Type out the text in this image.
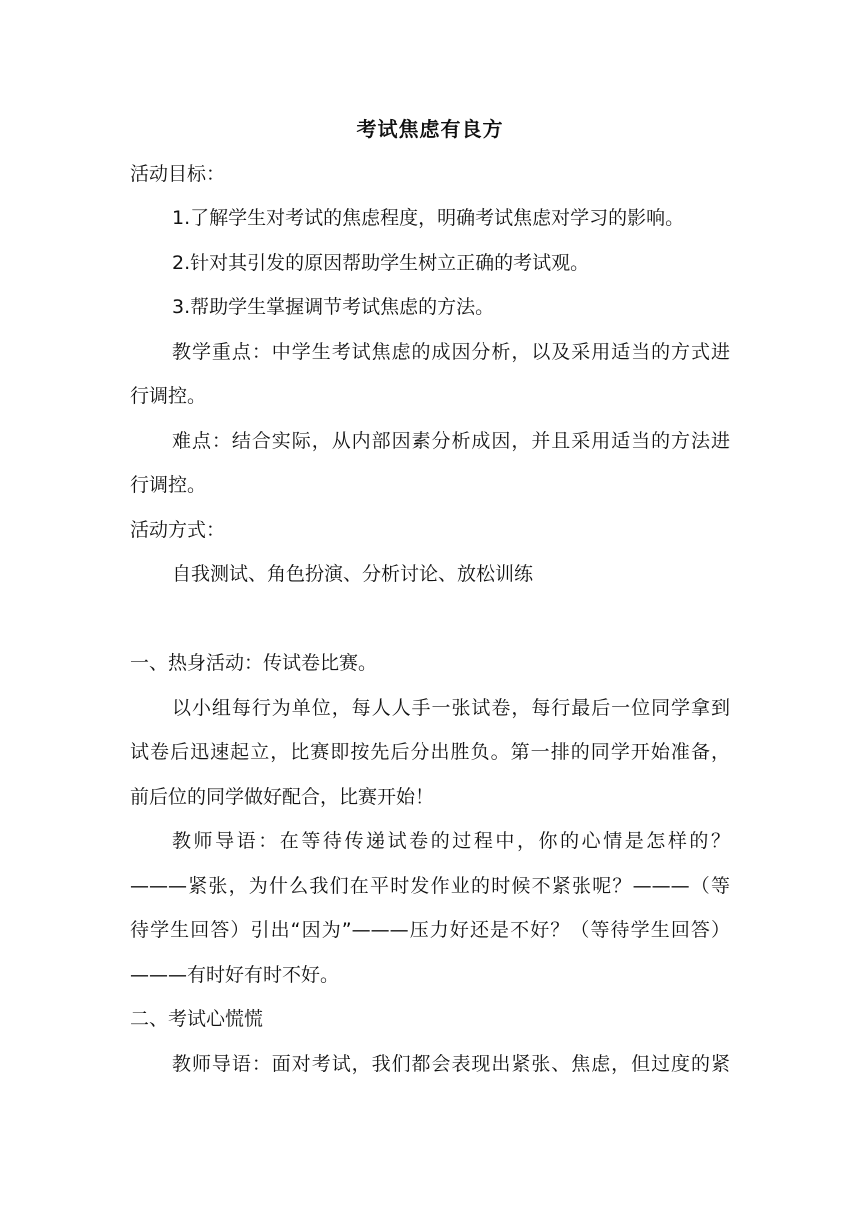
考试焦虑有良方
活动目标：
1.了解学生对考试的焦虑程度，明确考试焦虑对学习的影响。
2.针对其引发的原因帮助学生树立正确的考试观。
3.帮助学生掌握调节考试焦虑的方法。
教学重点：中学生考试焦虑的成因分析，以及采用适当的方式进
行调控。
难点：结合实际，从内部因素分析成因，并且采用适当的方法进
行调控。
活动方式：
自我测试、角色扮演、分析讨论、放松训练
一、热身活动：传试卷比赛。
以小组每行为单位，每人人手一张试卷，每行最后一位同学拿到
试卷后迅速起立，比赛即按先后分出胜负。第一排的同学开始准备，
前后位的同学做好配合，比赛开始！
教师导语：在等待传递试卷的过程中，你的心情是怎样的？
———紧张，为什么我们在平时发作业的时候不紧张呢？———（等
待学生回答）引出“因为”———压力好还是不好？（等待学生回答）
———有时好有时不好。
二、考试心慌慌
教师导语：面对考试，我们都会表现出紧张、焦虑，但过度的紧
